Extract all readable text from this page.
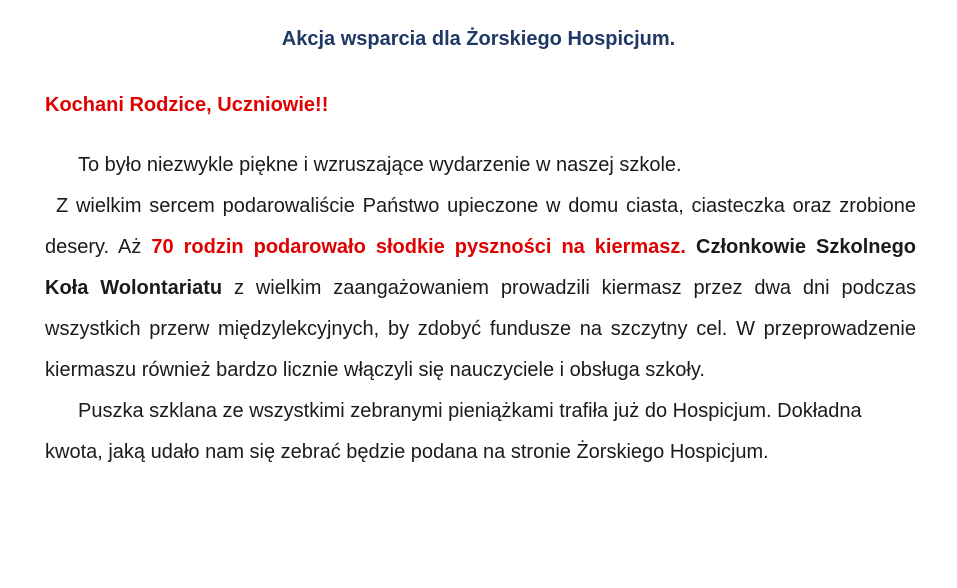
Akcja wsparcia dla Żorskiego Hospicjum.
Kochani Rodzice, Uczniowie!!

To było niezwykle piękne i wzruszające wydarzenie w naszej szkole.

Z wielkim sercem podarowaliście Państwo upieczone w domu ciasta, ciasteczka oraz zrobione desery. Aż 70 rodzin podarowało słodkie pyszności na kiermasz. Członkowie Szkolnego Koła Wolontariatu z wielkim zaangażowaniem prowadzili kiermasz przez dwa dni podczas wszystkich przerw międzylekcyjnych, by zdobyć fundusze na szczytny cel. W przeprowadzenie kiermaszu również bardzo licznie włączyli się nauczyciele i obsługa szkoły.

Puszka szklana ze wszystkimi zebranymi pieniążkami trafiła już do Hospicjum. Dokładna kwota, jaką udało nam się zebrać będzie podana na stronie Żorskiego Hospicjum.
